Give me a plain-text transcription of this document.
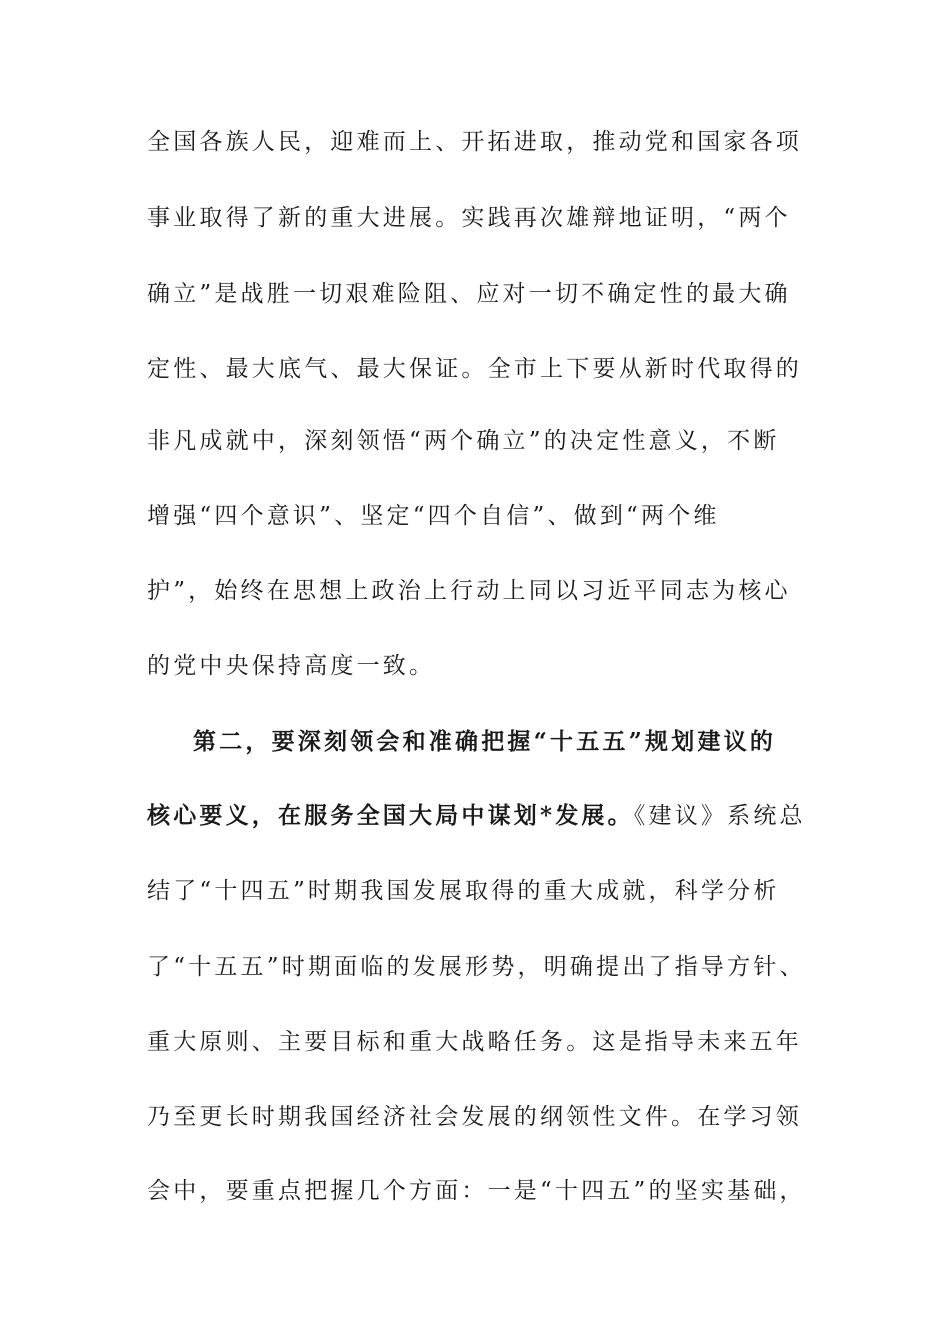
全国各族人民，迎难而上、开拓进取，推动党和国家各项
事业取得了新的重大进展。实践再次雄辩地证明，“两个
确立”是战胜一切艰难险阻、应对一切不确定性的最大确
定性、最大底气、最大保证。全市上下要从新时代取得的
非凡成就中，深刻领悟“两个确立”的决定性意义，不断
增强“四个意识”、坚定“四个自信”、做到“两个维
护”，始终在思想上政治上行动上同以习近平同志为核心
的党中央保持高度一致。
第二，要深刻领会和准确把握“十五五”规划建议的
核心要义，在服务全国大局中谋划*发展。《建议》系统总
结了“十四五”时期我国发展取得的重大成就，科学分析
了“十五五”时期面临的发展形势，明确提出了指导方针、
重大原则、主要目标和重大战略任务。这是指导未来五年
乃至更长时期我国经济社会发展的纲领性文件。在学习领
会中，要重点把握几个方面：一是“十四五”的坚实基础，
